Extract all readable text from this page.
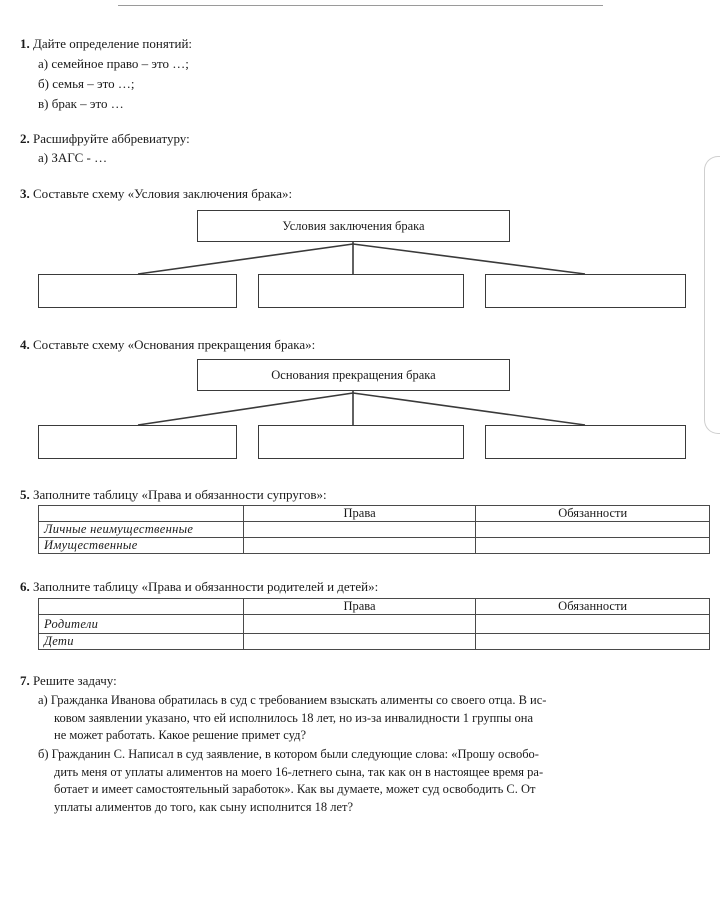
1. Дайте определение понятий:
а) семейное право – это …;
б) семья – это …;
в) брак – это …
2. Расшифруйте аббревиатуру:
а) ЗАГС - …
3. Составьте схему «Условия заключения брака»:
Условия заключения брака
4. Составьте схему «Основания прекращения брака»:
Основания прекращения брака
5. Заполните таблицу «Права и обязанности супругов»:
	Права	Обязанности
Личные неимущественные		
Имущественные		
6. Заполните таблицу «Права и обязанности родителей и детей»:
	Права	Обязанности
Родители		
Дети		
7. Решите задачу:
а) Гражданка Иванова обратилась в суд с требованием взыскать алименты со своего отца. В ис-
ковом заявлении указано, что ей исполнилось 18 лет, но из-за инвалидности 1 группы она
не может работать. Какое решение примет суд?
б) Гражданин С. Написал в суд заявление, в котором были следующие слова: «Прошу освобо-
дить меня от уплаты алиментов на моего 16-летнего сына, так как он в настоящее время ра-
ботает и имеет самостоятельный заработок». Как вы думаете, может суд освободить С. От
уплаты алиментов до того, как сыну исполнится 18 лет?
